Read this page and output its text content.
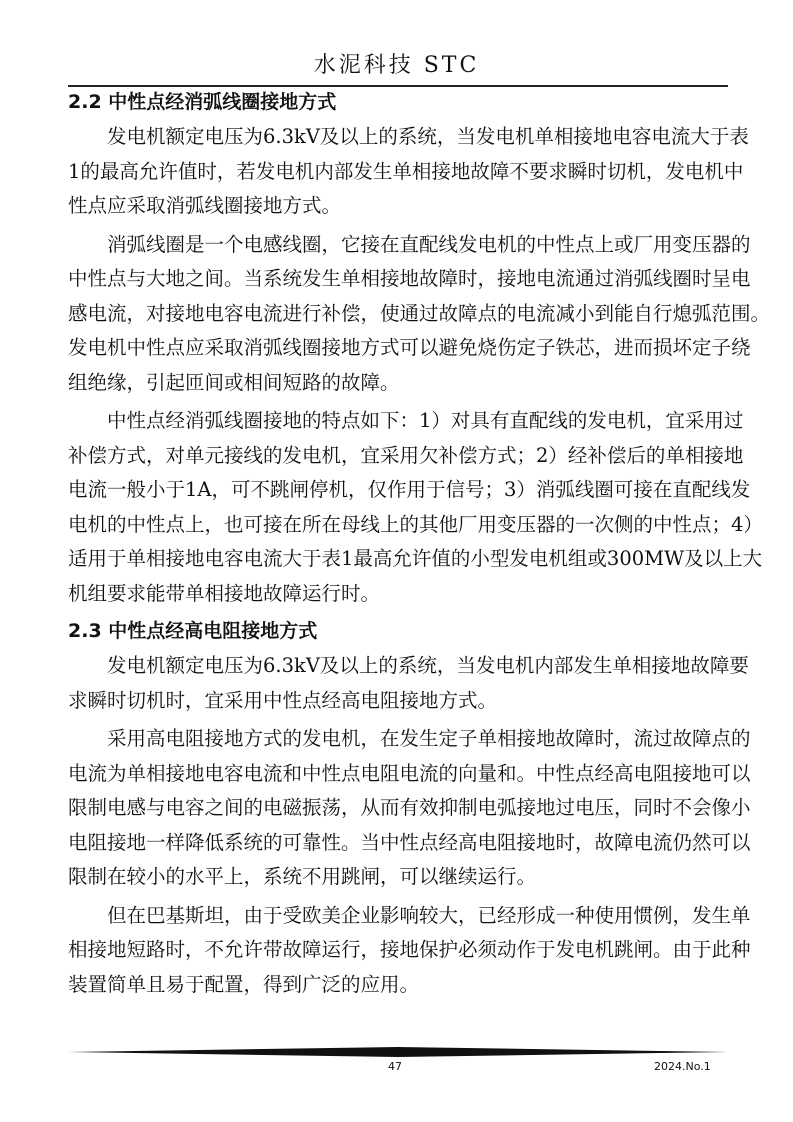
水泥科技 STC
2.2 中性点经消弧线圈接地方式
发电机额定电压为6.3kV及以上的系统，当发电机单相接地电容电流大于表
1的最高允许值时，若发电机内部发生单相接地故障不要求瞬时切机，发电机中
性点应采取消弧线圈接地方式。
消弧线圈是一个电感线圈，它接在直配线发电机的中性点上或厂用变压器的
中性点与大地之间。当系统发生单相接地故障时，接地电流通过消弧线圈时呈电
感电流，对接地电容电流进行补偿，使通过故障点的电流减小到能自行熄弧范围。
发电机中性点应采取消弧线圈接地方式可以避免烧伤定子铁芯，进而损坏定子绕
组绝缘，引起匝间或相间短路的故障。
中性点经消弧线圈接地的特点如下：1）对具有直配线的发电机，宜采用过
补偿方式，对单元接线的发电机，宜采用欠补偿方式；2）经补偿后的单相接地
电流一般小于1A，可不跳闸停机，仅作用于信号；3）消弧线圈可接在直配线发
电机的中性点上，也可接在所在母线上的其他厂用变压器的一次侧的中性点；4）
适用于单相接地电容电流大于表1最高允许值的小型发电机组或300MW及以上大
机组要求能带单相接地故障运行时。
2.3 中性点经高电阻接地方式
发电机额定电压为6.3kV及以上的系统，当发电机内部发生单相接地故障要
求瞬时切机时，宜采用中性点经高电阻接地方式。
采用高电阻接地方式的发电机，在发生定子单相接地故障时，流过故障点的
电流为单相接地电容电流和中性点电阻电流的向量和。中性点经高电阻接地可以
限制电感与电容之间的电磁振荡，从而有效抑制电弧接地过电压，同时不会像小
电阻接地一样降低系统的可靠性。当中性点经高电阻接地时，故障电流仍然可以
限制在较小的水平上，系统不用跳闸，可以继续运行。
但在巴基斯坦，由于受欧美企业影响较大，已经形成一种使用惯例，发生单
相接地短路时，不允许带故障运行，接地保护必须动作于发电机跳闸。由于此种
装置简单且易于配置，得到广泛的应用。
47	2024.No.1
